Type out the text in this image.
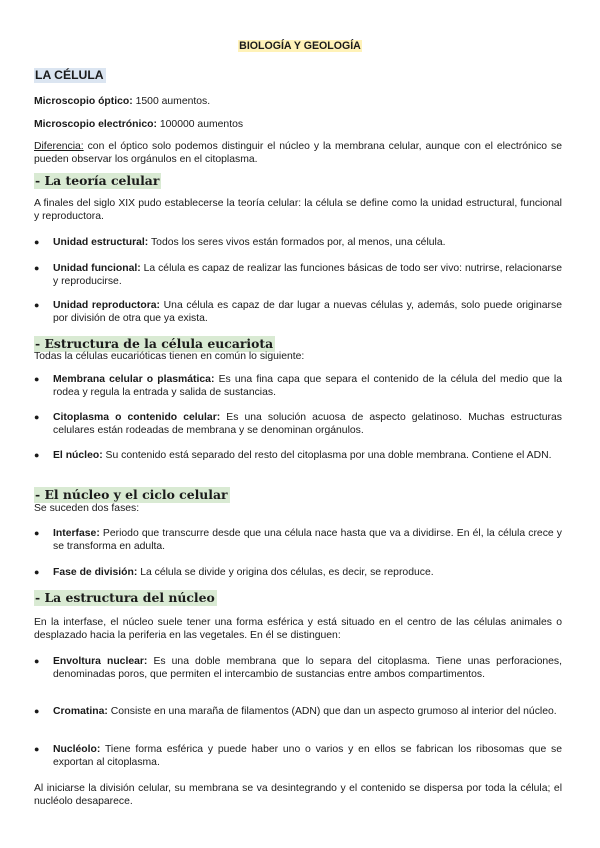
BIOLOGÍA Y GEOLOGÍA
LA CÉLULA

Microscopio óptico: 1500 aumentos.

Microscopio electrónico: 100000 aumentos

Diferencia: con el óptico solo podemos distinguir el núcleo y la membrana celular, aunque con el electrónico se pueden observar los orgánulos en el citoplasma.

- La teoría celular

A finales del siglo XIX pudo establecerse la teoría celular: la célula se define como la unidad estructural, funcional y reproductora.

●	Unidad estructural: Todos los seres vivos están formados por, al menos, una célula.

●	Unidad funcional: La célula es capaz de realizar las funciones básicas de todo ser vivo: nutrirse, relacionarse y reproducirse.

●	Unidad reproductora: Una célula es capaz de dar lugar a nuevas células y, además, solo puede originarse por división de otra que ya exista.

- Estructura de la célula eucariota

Todas la células eucarióticas tienen en común lo siguiente:

●	Membrana celular o plasmática: Es una fina capa que separa el contenido de la célula del medio que la rodea y regula la entrada y salida de sustancias.

●	Citoplasma o contenido celular: Es una solución acuosa de aspecto gelatinoso. Muchas estructuras celulares están rodeadas de membrana y se denominan orgánulos.

●	El núcleo: Su contenido está separado del resto del citoplasma por una doble membrana. Contiene el ADN.

- El núcleo y el ciclo celular

Se suceden dos fases:

●	Interfase: Periodo que transcurre desde que una célula nace hasta que va a dividirse. En él, la célula crece y se transforma en adulta.

●	Fase de división: La célula se divide y origina dos células, es decir, se reproduce.

- La estructura del núcleo

En la interfase, el núcleo suele tener una forma esférica y está situado en el centro de las células animales o desplazado hacia la periferia en las vegetales. En él se distinguen:

●	Envoltura nuclear: Es una doble membrana que lo separa del citoplasma. Tiene unas perforaciones, denominadas poros, que permiten el intercambio de sustancias entre ambos compartimentos.

●	Cromatina: Consiste en una maraña de filamentos (ADN) que dan un aspecto grumoso al interior del núcleo.

●	Nucléolo: Tiene forma esférica y puede haber uno o varios y en ellos se fabrican los ribosomas que se exportan al citoplasma.

Al iniciarse la división celular, su membrana se va desintegrando y el contenido se dispersa por toda la célula; el nucléolo desaparece.
